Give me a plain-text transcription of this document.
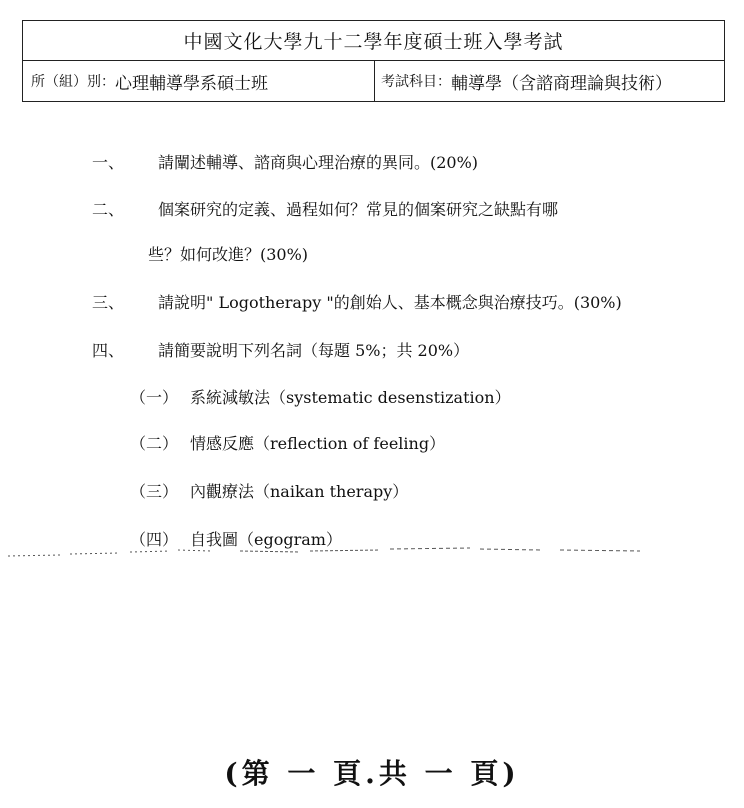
中國文化大學九十二學年度碩士班入學考試
所（組）別： 心理輔導學系碩士班	考試科目： 輔導學（含諮商理論與技術）
一、 請闡述輔導、諮商與心理治療的異同。(20%)
二、 個案研究的定義、過程如何？常見的個案研究之缺點有哪
些？如何改進？(30%)
三、 請說明" Logotherapy "的創始人、基本概念與治療技巧。(30%)
四、 請簡要說明下列名詞（每題 5%；共 20%）
（一） 系統減敏法（systematic desenstization）
（二） 情感反應（reflection of feeling）
（三） 內觀療法（naikan therapy）
（四） 自我圖（egogram）
(第 一 頁.共 一 頁)
